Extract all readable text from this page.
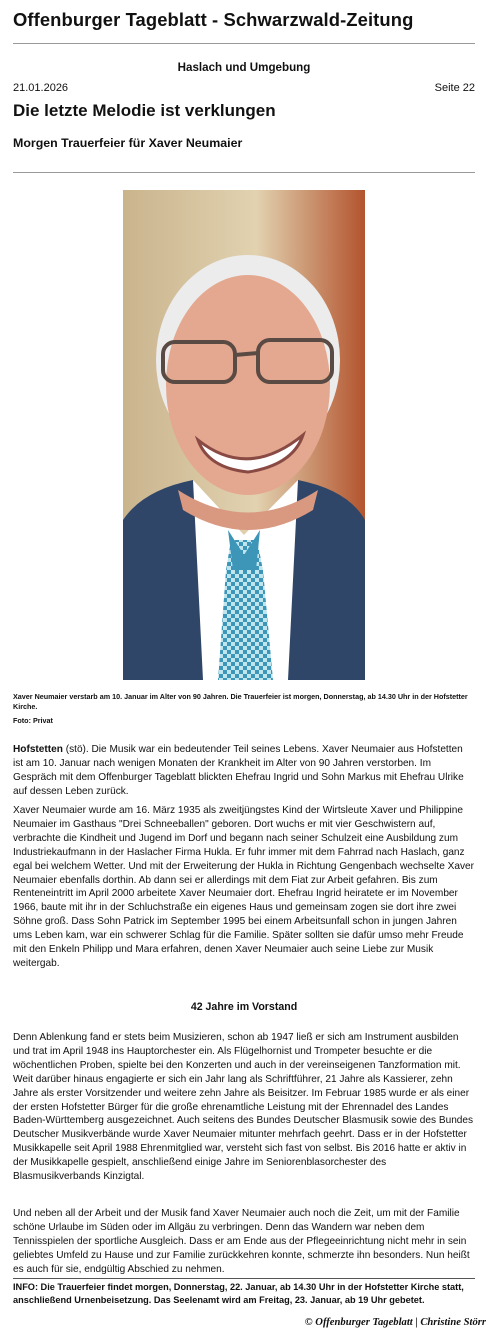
Offenburger Tageblatt - Schwarzwald-Zeitung
Haslach und Umgebung
21.01.2026	Seite 22
Die letzte Melodie ist verklungen
Morgen Trauerfeier für Xaver Neumaier
Xaver Neumaier verstarb am 10. Januar im Alter von 90 Jahren. Die Trauerfeier ist morgen, Donnerstag, ab 14.30 Uhr in der Hofstetter Kirche.
Foto: Privat

Hofstetten (stö). Die Musik war ein bedeutender Teil seines Lebens. Xaver Neumaier aus Hofstetten ist am 10. Januar nach wenigen Monaten der Krankheit im Alter von 90 Jahren verstorben. Im Gespräch mit dem Offenburger Tageblatt blickten Ehefrau Ingrid und Sohn Markus mit Ehefrau Ulrike auf dessen Leben zurück.

Xaver Neumaier wurde am 16. März 1935 als zweitjüngstes Kind der Wirtsleute Xaver und Philippine Neumaier im Gasthaus "Drei Schneeballen" geboren. Dort wuchs er mit vier Geschwistern auf, verbrachte die Kindheit und Jugend im Dorf und begann nach seiner Schulzeit eine Ausbildung zum Industriekaufmann in der Haslacher Firma Hukla. Er fuhr immer mit dem Fahrrad nach Haslach, ganz egal bei welchem Wetter. Und mit der Erweiterung der Hukla in Richtung Gengenbach wechselte Xaver Neumaier ebenfalls dorthin. Ab dann sei er allerdings mit dem Fiat zur Arbeit gefahren. Bis zum Renteneintritt im April 2000 arbeitete Xaver Neumaier dort. Ehefrau Ingrid heiratete er im November 1966, baute mit ihr in der Schluchstraße ein eigenes Haus und gemeinsam zogen sie dort ihre zwei Söhne groß. Dass Sohn Patrick im September 1995 bei einem Arbeitsunfall schon in jungen Jahren ums Leben kam, war ein schwerer Schlag für die Familie. Später sollten sie dafür umso mehr Freude mit den Enkeln Philipp und Mara erfahren, denen Xaver Neumaier auch seine Liebe zur Musik weitergab.

42 Jahre im Vorstand

Denn Ablenkung fand er stets beim Musizieren, schon ab 1947 ließ er sich am Instrument ausbilden und trat im April 1948 ins Hauptorchester ein. Als Flügelhornist und Trompeter besuchte er die wöchentlichen Proben, spielte bei den Konzerten und auch in der vereinseigenen Tanzformation mit. Weit darüber hinaus engagierte er sich ein Jahr lang als Schriftführer, 21 Jahre als Kassierer, zehn Jahre als erster Vorsitzender und weitere zehn Jahre als Beisitzer. Im Februar 1985 wurde er als einer der ersten Hofstetter Bürger für die große ehrenamtliche Leistung mit der Ehrennadel des Landes Baden-Württemberg ausgezeichnet. Auch seitens des Bundes Deutscher Blasmusik sowie des Bundes Deutscher Musikverbände wurde Xaver Neumaier mitunter mehrfach geehrt. Dass er in der Hofstetter Musikkapelle seit April 1988 Ehrenmitglied war, versteht sich fast von selbst. Bis 2016 hatte er aktiv in der Musikkapelle gespielt, anschließend einige Jahre im Seniorenblasorchester des Blasmusikverbands Kinzigtal.

Und neben all der Arbeit und der Musik fand Xaver Neumaier auch noch die Zeit, um mit der Familie schöne Urlaube im Süden oder im Allgäu zu verbringen. Denn das Wandern war neben dem Tennisspielen der sportliche Ausgleich. Dass er am Ende aus der Pflegeeinrichtung nicht mehr in sein geliebtes Umfeld zu Hause und zur Familie zurückkehren konnte, schmerzte ihn besonders. Nun heißt es auch für sie, endgültig Abschied zu nehmen.

INFO: Die Trauerfeier findet morgen, Donnerstag, 22. Januar, ab 14.30 Uhr in der Hofstetter Kirche statt, anschließend Urnenbeisetzung. Das Seelenamt wird am Freitag, 23. Januar, ab 19 Uhr gebetet.
© Offenburger Tageblatt | Christine Störr
